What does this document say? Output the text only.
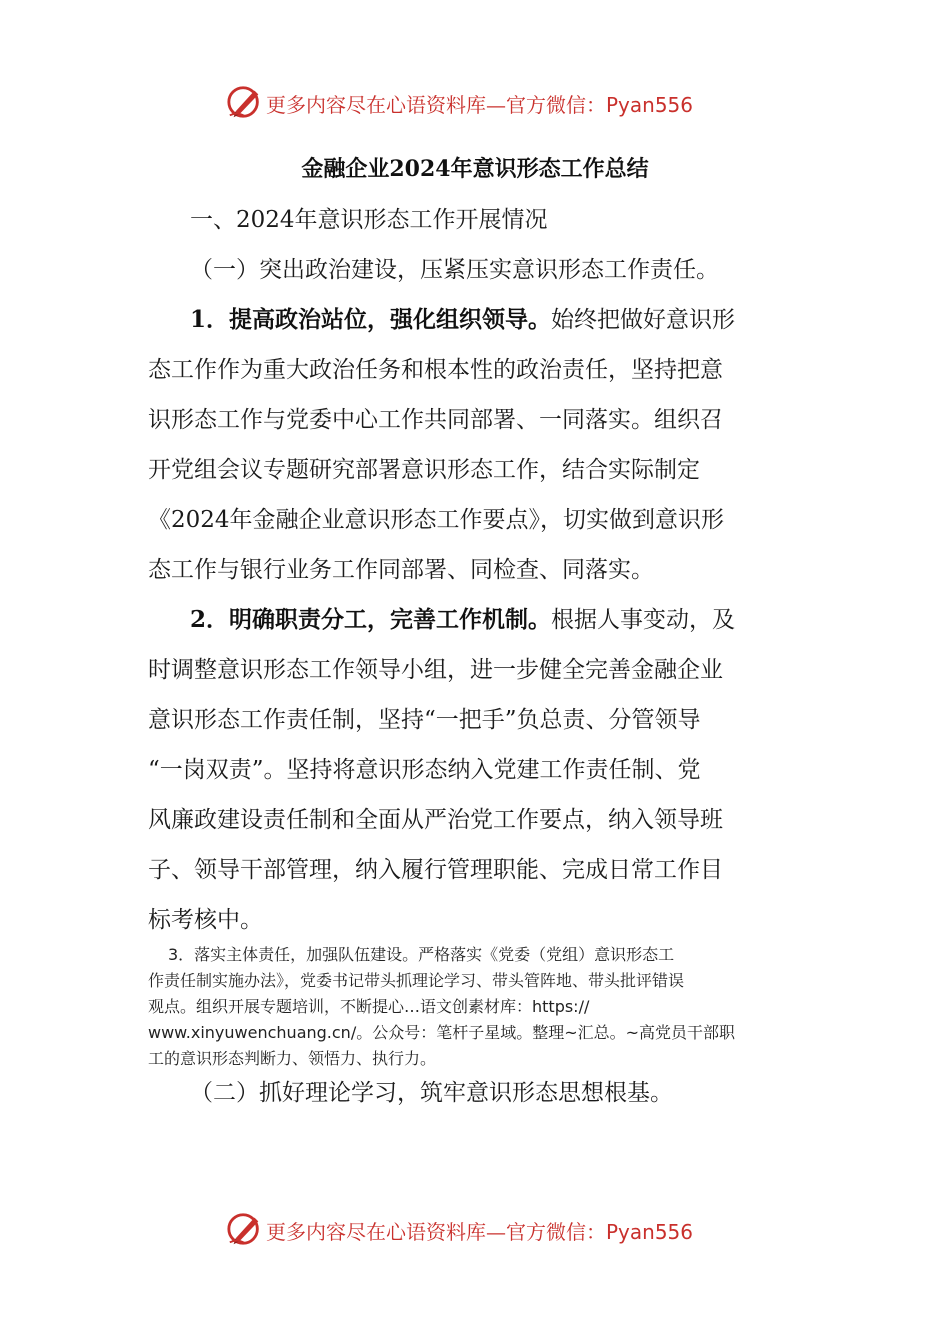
更多内容尽在心语资料库—官方微信：Pyan556
金融企业2024年意识形态工作总结
一、2024年意识形态工作开展情况
（一）突出政治建设，压紧压实意识形态工作责任。
1．提高政治站位，强化组织领导。始终把做好意识形
态工作作为重大政治任务和根本性的政治责任，坚持把意
识形态工作与党委中心工作共同部署、一同落实。组织召
开党组会议专题研究部署意识形态工作，结合实际制定
《2024年金融企业意识形态工作要点》，切实做到意识形
态工作与银行业务工作同部署、同检查、同落实。
2．明确职责分工，完善工作机制。根据人事变动，及
时调整意识形态工作领导小组，进一步健全完善金融企业
意识形态工作责任制，坚持“一把手”负总责、分管领导
“一岗双责”。坚持将意识形态纳入党建工作责任制、党
风廉政建设责任制和全面从严治党工作要点，纳入领导班
子、领导干部管理，纳入履行管理职能、完成日常工作目
标考核中。
3．落实主体责任，加强队伍建设。严格落实《党委（党组）意识形态工
作责任制实施办法》，党委书记带头抓理论学习、带头管阵地、带头批评错误
观点。组织开展专题培训，不断提心…语文创素材库：https://
www.xinyuwenchuang.cn/。公众号：笔杆子星域。整理~汇总。~高党员干部职
工的意识形态判断力、领悟力、执行力。
（二）抓好理论学习，筑牢意识形态思想根基。
更多内容尽在心语资料库—官方微信：Pyan556
